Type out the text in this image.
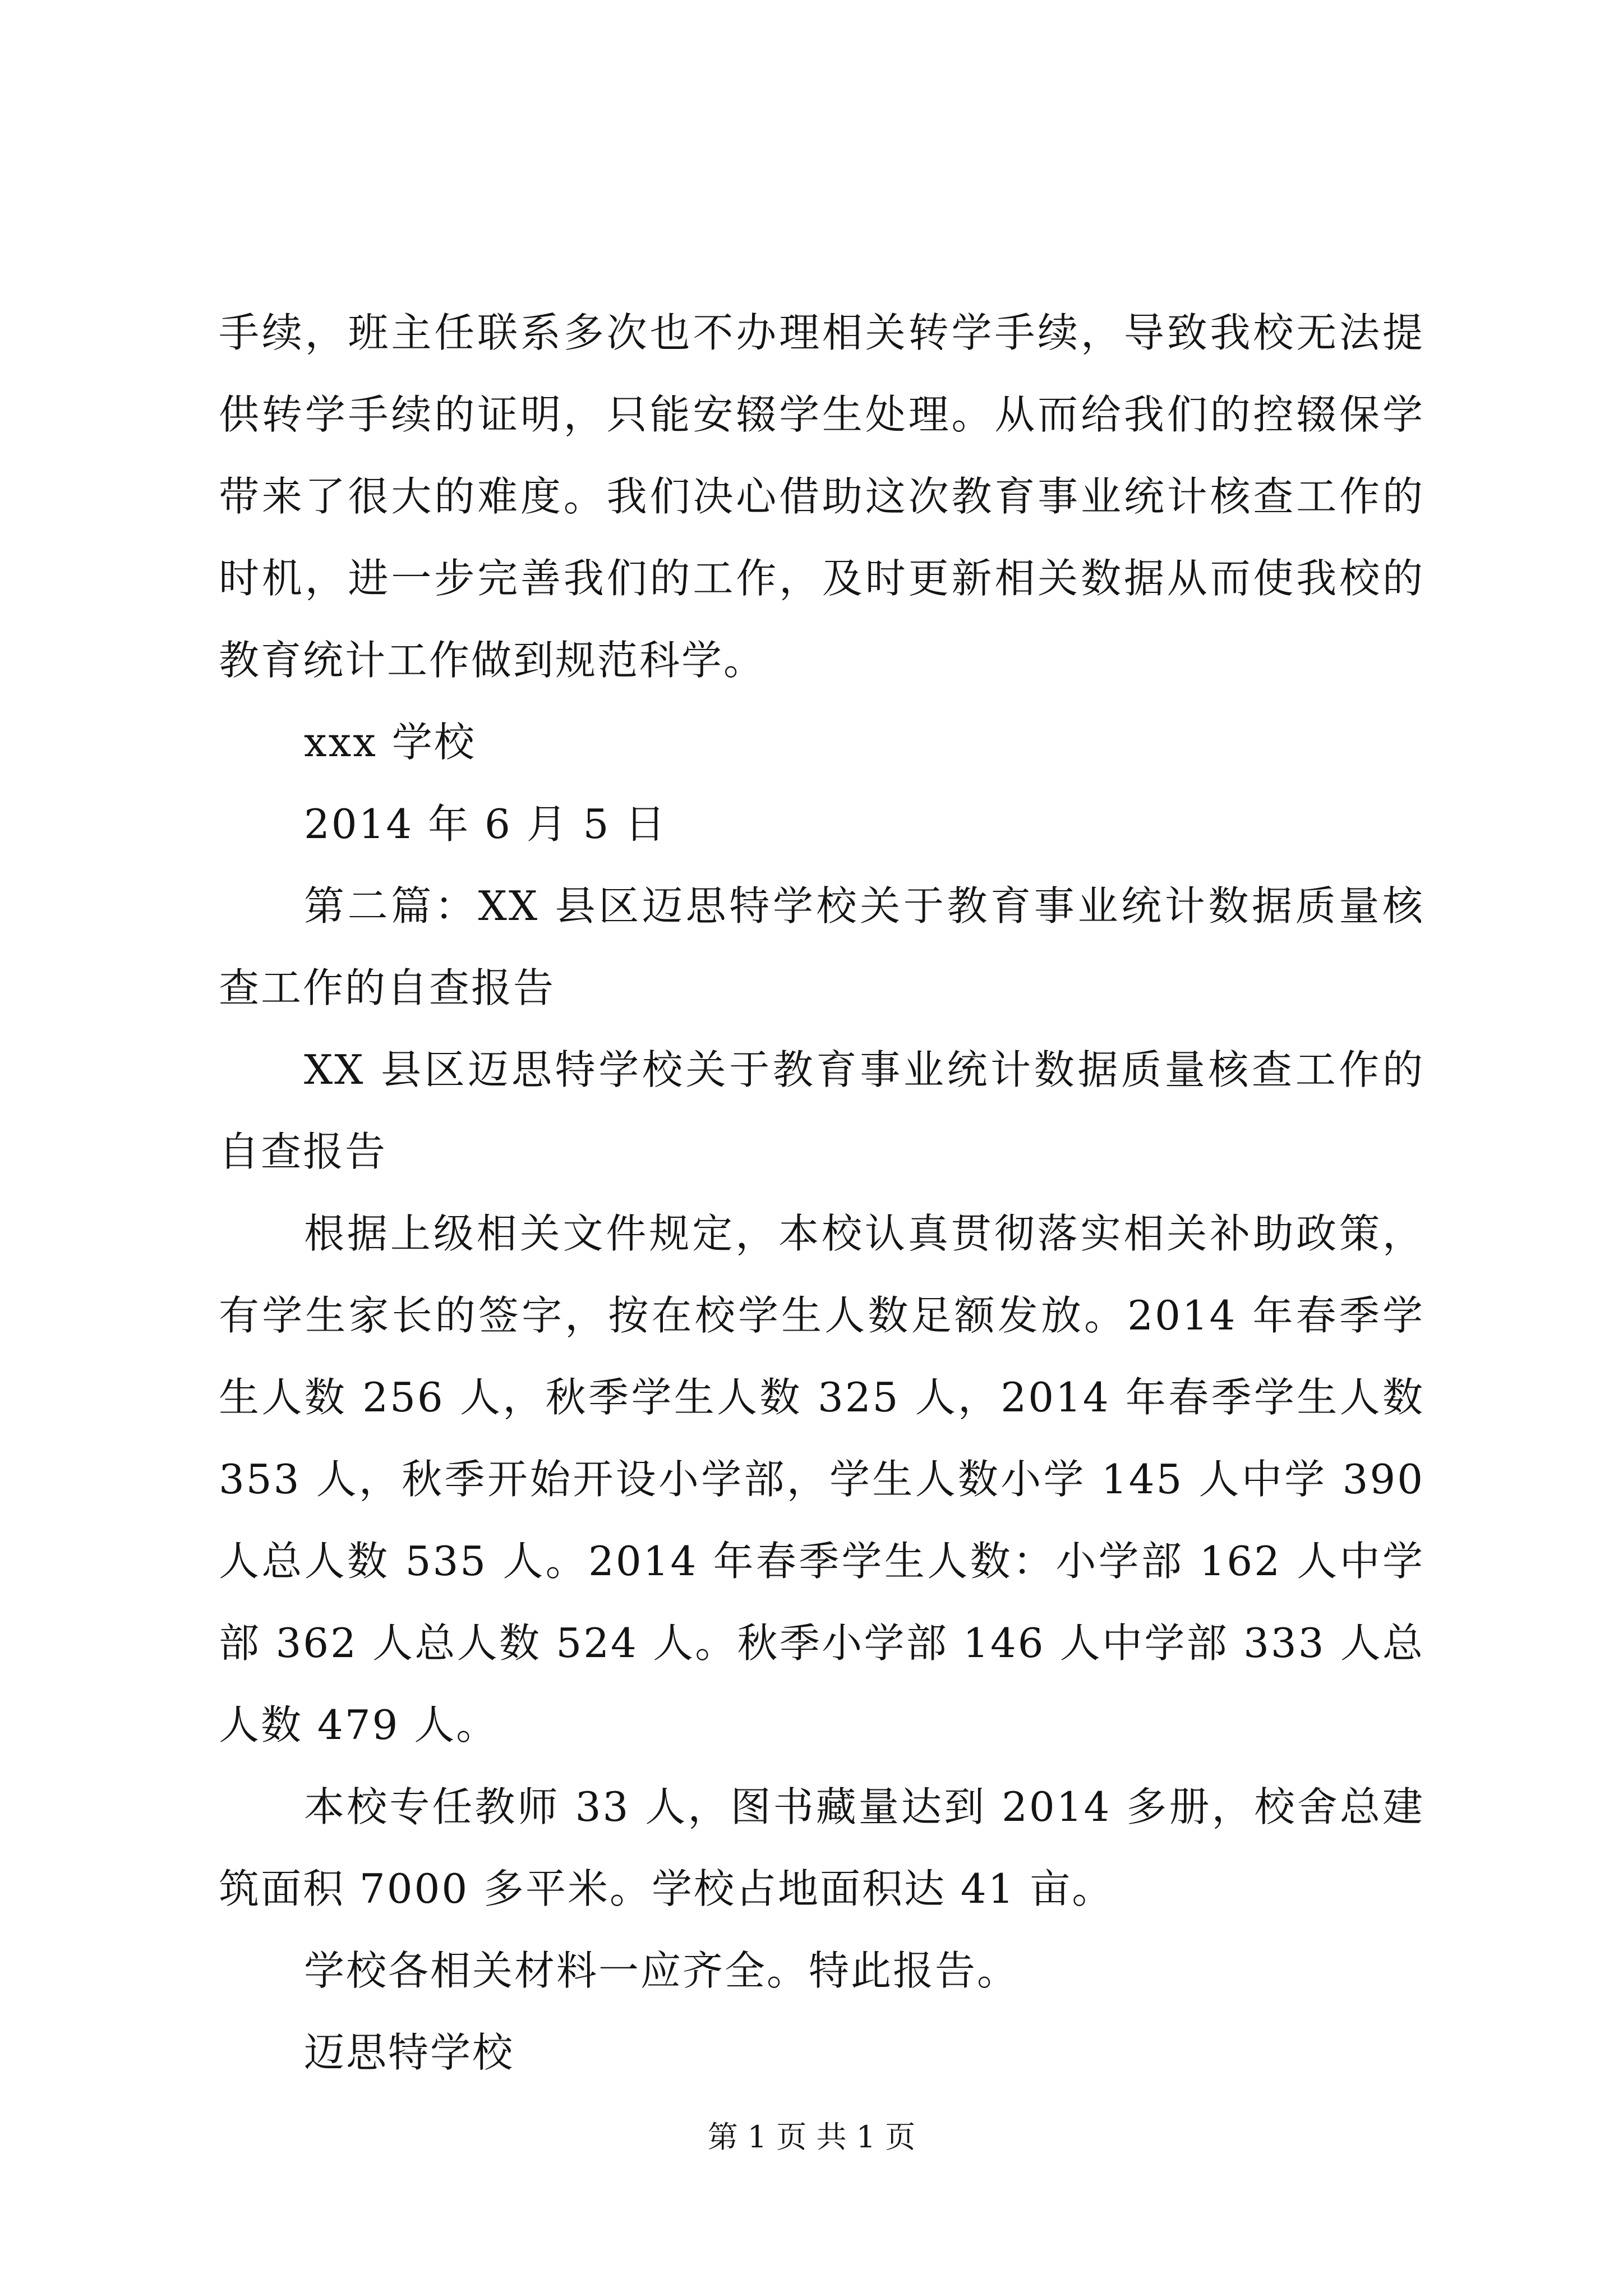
手续，班主任联系多次也不办理相关转学手续，导致我校无法提供转学手续的证明，只能安辍学生处理。从而给我们的控辍保学带来了很大的难度。我们决心借助这次教育事业统计核查工作的时机，进一步完善我们的工作，及时更新相关数据从而使我校的教育统计工作做到规范科学。

xxx 学校

2014 年 6 月 5 日

第二篇：XX 县区迈思特学校关于教育事业统计数据质量核查工作的自查报告

XX 县区迈思特学校关于教育事业统计数据质量核查工作的自查报告

根据上级相关文件规定，本校认真贯彻落实相关补助政策，有学生家长的签字，按在校学生人数足额发放。2014 年春季学生人数 256 人，秋季学生人数 325 人，2014 年春季学生人数 353 人，秋季开始开设小学部，学生人数小学 145 人中学 390 人总人数 535 人。2014 年春季学生人数：小学部 162 人中学部 362 人总人数 524 人。秋季小学部 146 人中学部 333 人总人数 479 人。

本校专任教师 33 人，图书藏量达到 2014 多册，校舍总建筑面积 7000 多平米。学校占地面积达 41 亩。

学校各相关材料一应齐全。特此报告。

迈思特学校

第 1 页 共 1 页
